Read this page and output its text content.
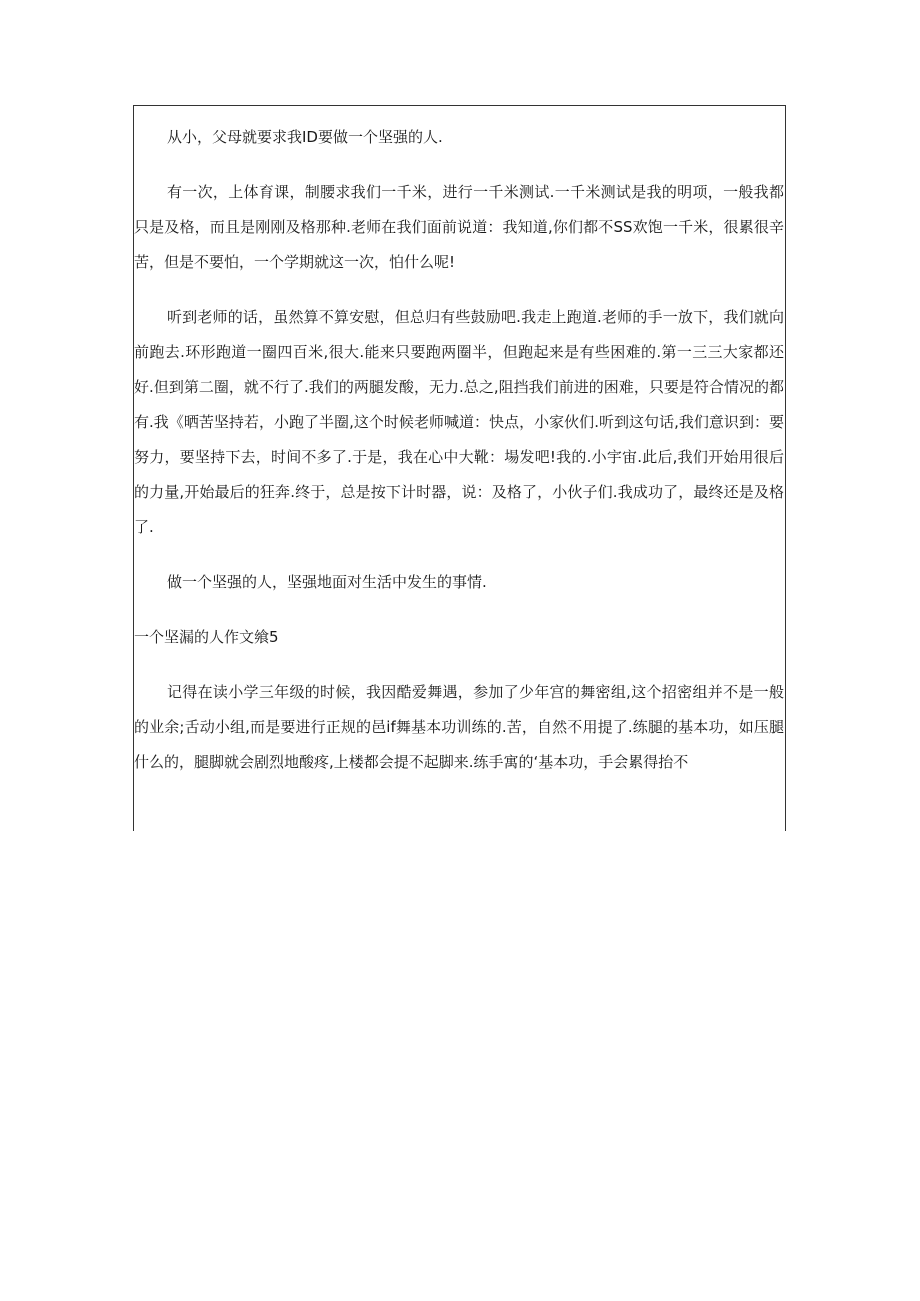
从小，父母就要求我ID要做一个坚强的人.

有一次，上体育课，制腰求我们一千米，进行一千米测试.一千米测试是我的明项，一般我都只是及格，而且是刚刚及格那种.老师在我们面前说道：我知道,你们都不SS欢饱一千米，很累很辛苦，但是不要怕，一个学期就这一次，怕什么呢!

听到老师的话，虽然算不算安慰，但总归有些鼓励吧.我走上跑道.老师的手一放下，我们就向前跑去.环形跑道一圈四百米,很大.能来只要跑两圈半，但跑起来是有些困难的.第一三三大家都还好.但到第二圈，就不行了.我们的两腿发酸，无力.总之,阻挡我们前进的困难，只要是符合情况的都有.我《晒苦坚持若，小跑了半圈,这个时候老师喊道：快点，小家伙们.听到这句话,我们意识到：要努力，要坚持下去，时间不多了.于是，我在心中大靴：場发吧!我的.小宇宙.此后,我们开始用很后的力量,开始最后的狂奔.终于，总是按下计时器，说：及格了，小伙子们.我成功了，最终还是及格了.

做一个坚强的人，坚强地面对生活中发生的事情.

一个坚漏的人作文飨5

记得在读小学三年级的时候，我因酷爱舞遇，参加了少年宫的舞密组,这个招密组并不是一般的业余;舌动小组,而是要进行正规的邑if舞基本功训练的.苦，自然不用提了.练腿的基本功，如压腿什么的，腿脚就会剧烈地酸疼,上楼都会提不起脚来.练手寓的‘基本功，手会累得抬不
